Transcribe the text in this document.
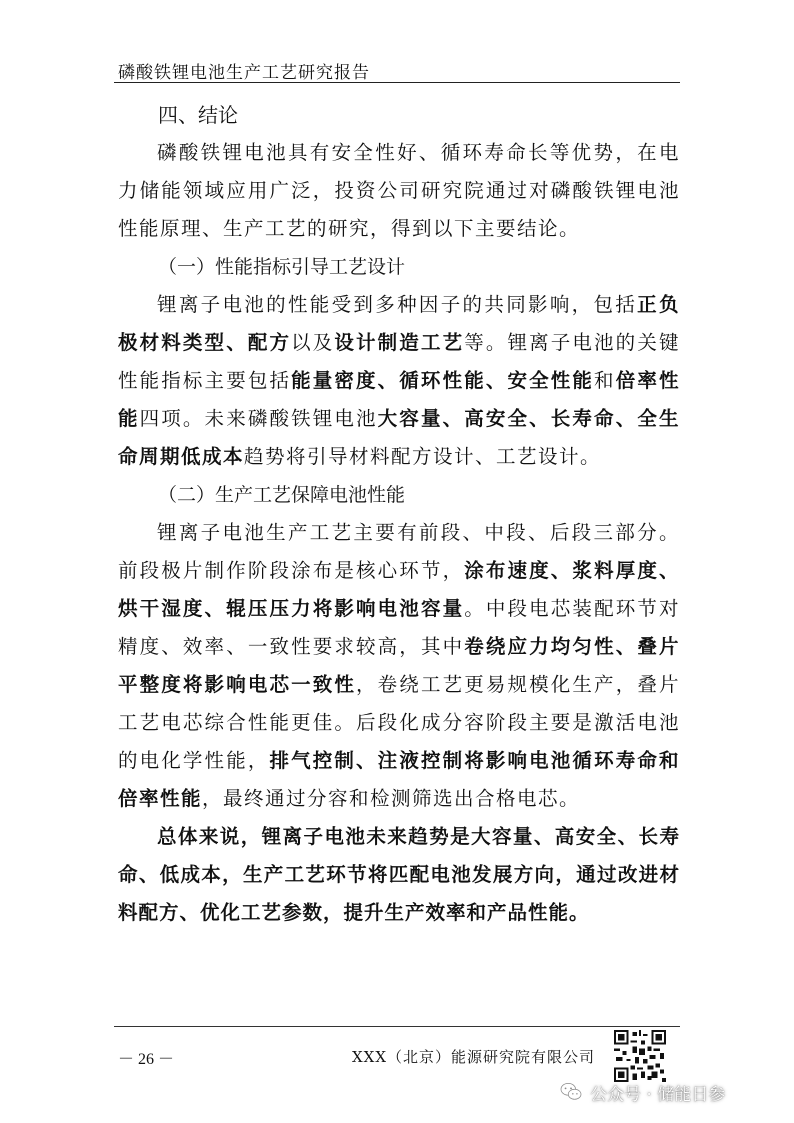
磷酸铁锂电池生产工艺研究报告
四、结论

磷酸铁锂电池具有安全性好、循环寿命长等优势，在电力储能领域应用广泛，投资公司研究院通过对磷酸铁锂电池性能原理、生产工艺的研究，得到以下主要结论。

（一）性能指标引导工艺设计

锂离子电池的性能受到多种因子的共同影响，包括正负极材料类型、配方以及设计制造工艺等。锂离子电池的关键性能指标主要包括能量密度、循环性能、安全性能和倍率性能四项。未来磷酸铁锂电池大容量、高安全、长寿命、全生命周期低成本趋势将引导材料配方设计、工艺设计。

（二）生产工艺保障电池性能

锂离子电池生产工艺主要有前段、中段、后段三部分。前段极片制作阶段涂布是核心环节，涂布速度、浆料厚度、烘干湿度、辊压压力将影响电池容量。中段电芯装配环节对精度、效率、一致性要求较高，其中卷绕应力均匀性、叠片平整度将影响电芯一致性，卷绕工艺更易规模化生产，叠片工艺电芯综合性能更佳。后段化成分容阶段主要是激活电池的电化学性能，排气控制、注液控制将影响电池循环寿命和倍率性能，最终通过分容和检测筛选出合格电芯。

总体来说，锂离子电池未来趋势是大容量、高安全、长寿命、低成本，生产工艺环节将匹配电池发展方向，通过改进材料配方、优化工艺参数，提升生产效率和产品性能。

－ 26 －	XXX（北京）能源研究院有限公司
公众号 · 储能日参
